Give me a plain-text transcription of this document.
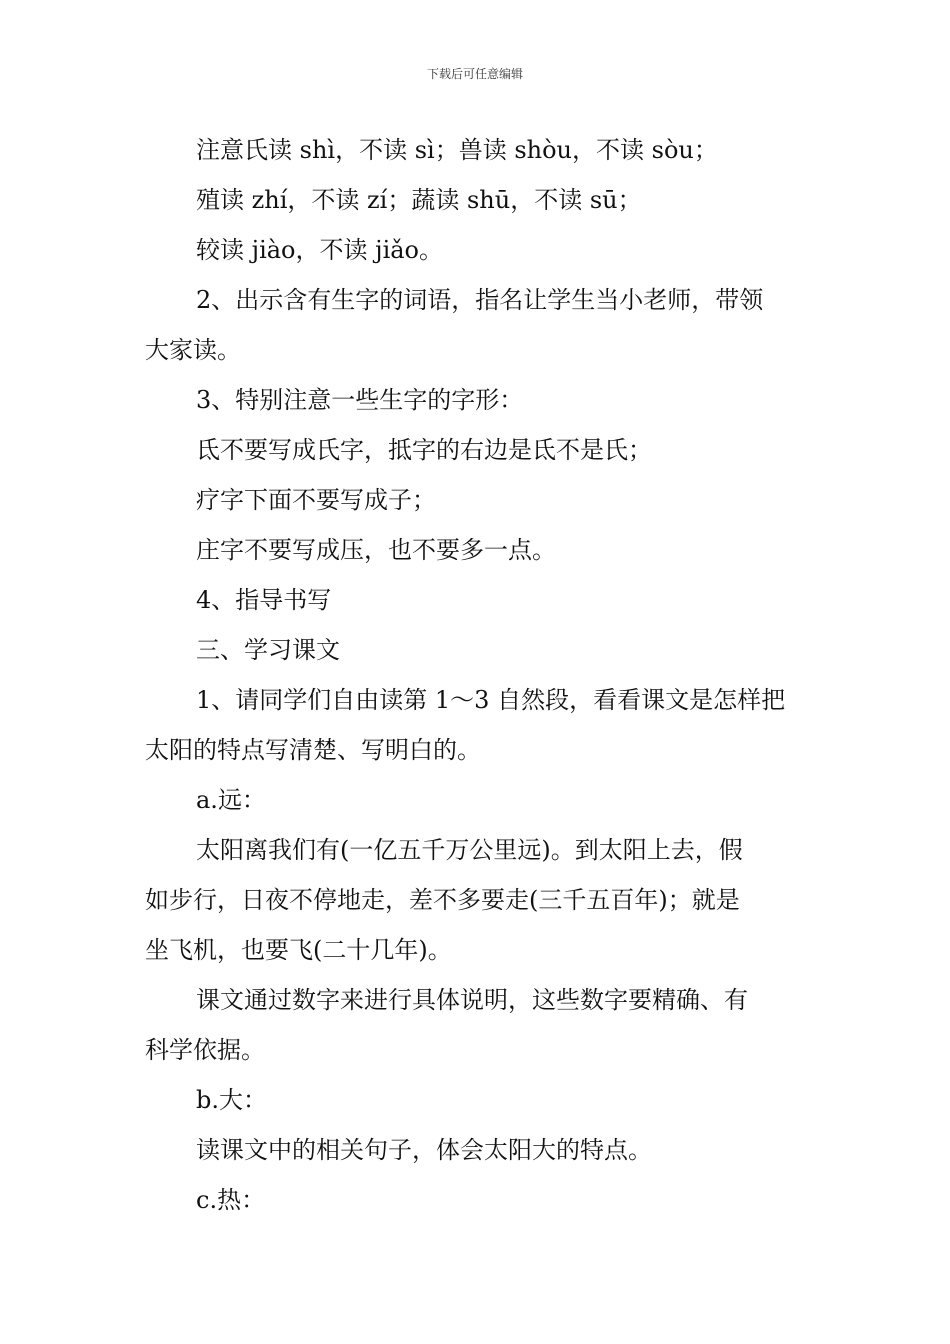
下载后可任意编辑
注意氏读 shì，不读 sì；兽读 shòu，不读 sòu；
殖读 zhí，不读 zí；蔬读 shū，不读 sū；
较读 jiào，不读 jiǎo。
2、出示含有生字的词语，指名让学生当小老师，带领
大家读。
3、特别注意一些生字的字形：
氐不要写成氏字，抵字的右边是氐不是氏；
疗字下面不要写成子；
庄字不要写成压，也不要多一点。
4、指导书写
三、学习课文
1、请同学们自由读第 1～3 自然段，看看课文是怎样把
太阳的特点写清楚、写明白的。
a.远：
太阳离我们有(一亿五千万公里远)。到太阳上去，假
如步行，日夜不停地走，差不多要走(三千五百年)；就是
坐飞机，也要飞(二十几年)。
课文通过数字来进行具体说明，这些数字要精确、有
科学依据。
b.大：
读课文中的相关句子，体会太阳大的特点。
c.热：
